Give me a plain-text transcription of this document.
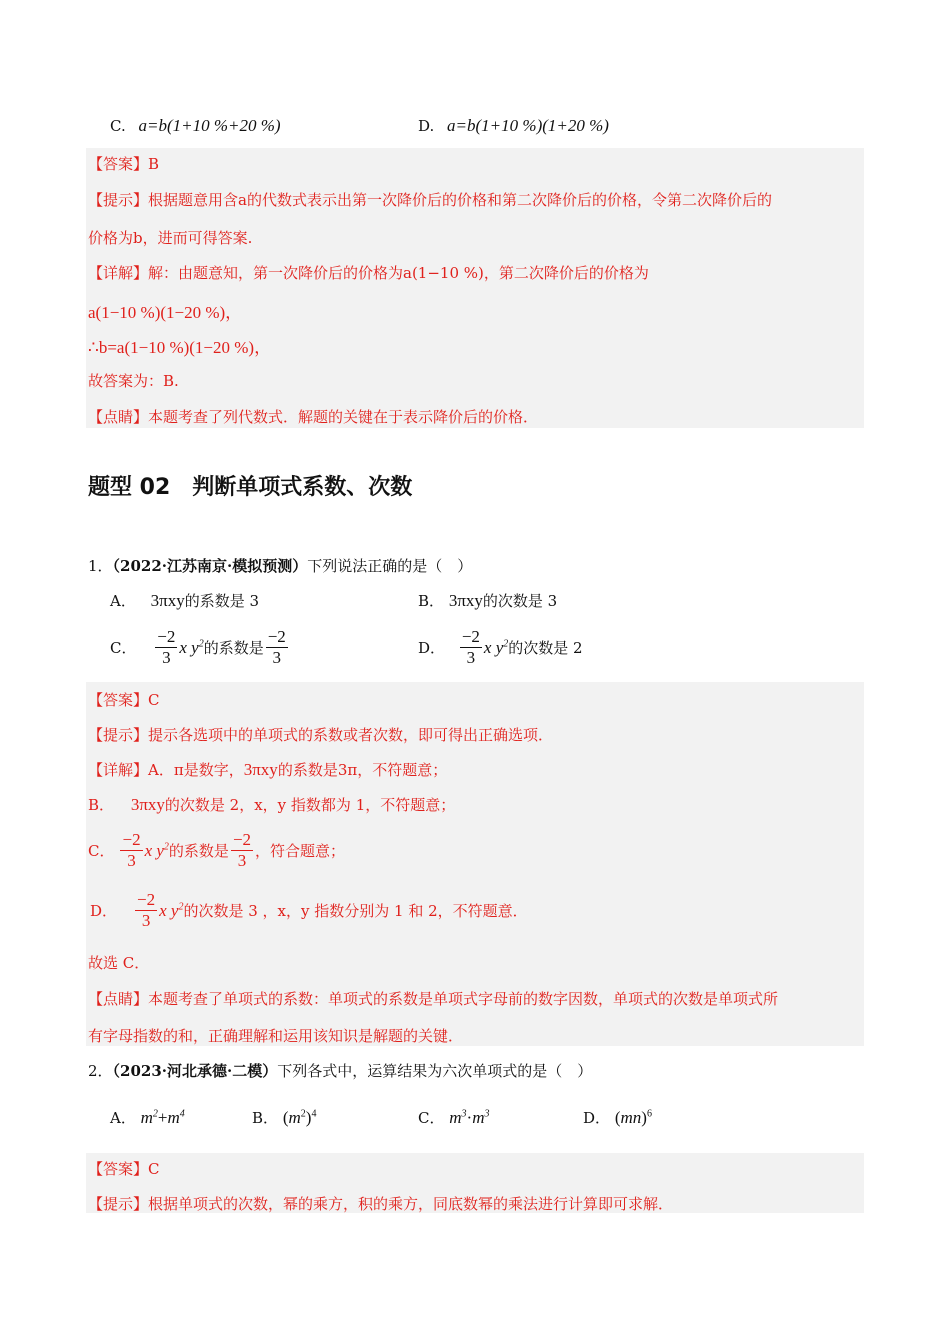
C. a=b(1+10 %+20 %)	D. a=b(1+10 %)(1+20 %)
【答案】B
【提示】根据题意用含a的代数式表示出第一次降价后的价格和第二次降价后的价格，令第二次降价后的
价格为b，进而可得答案.
【详解】解：由题意知，第一次降价后的价格为a(1−10 %)，第二次降价后的价格为
a(1−10 %)(1−20 %)，
∴b=a(1−10 %)(1−20 %)，
故答案为：B.
【点睛】本题考查了列代数式．解题的关键在于表示降价后的价格．
题型 02　判断单项式系数、次数
1．（2022·江苏南京·模拟预测）下列说法正确的是（　）
A． 3πxy的系数是 3	B． 3πxy的次数是 3
C． $\frac{-2}{3}$ x $y^2$的系数是 $\frac{-2}{3}$	D． $\frac{-2}{3}$ x $y^2$的次数是 2
【答案】C
【提示】提示各选项中的单项式的系数或者次数，即可得出正确选项．
【详解】A．π是数字，3πxy的系数是3π，不符题意；
B． 3πxy的次数是 2，x，y 指数都为 1，不符题意；
C． $\frac{-2}{3}$ x $y^2$的系数是 $\frac{-2}{3}$ ，符合题意；
D． $\frac{-2}{3}$ x $y^2$的次数是 3 ，x，y 指数分别为 1 和 2，不符题意．
故选 C．
【点睛】本题考查了单项式的系数：单项式的系数是单项式字母前的数字因数，单项式的次数是单项式所
有字母指数的和，正确理解和运用该知识是解题的关键．
2．（2023·河北承德·二模）下列各式中，运算结果为六次单项式的是（　）
A． $m^2+m^4$	B． $(m^2)^4$	C． $m^3\cdot m^3$	D． (mn)$^6$
【答案】C
【提示】根据单项式的次数，幂的乘方，积的乘方，同底数幂的乘法进行计算即可求解．
